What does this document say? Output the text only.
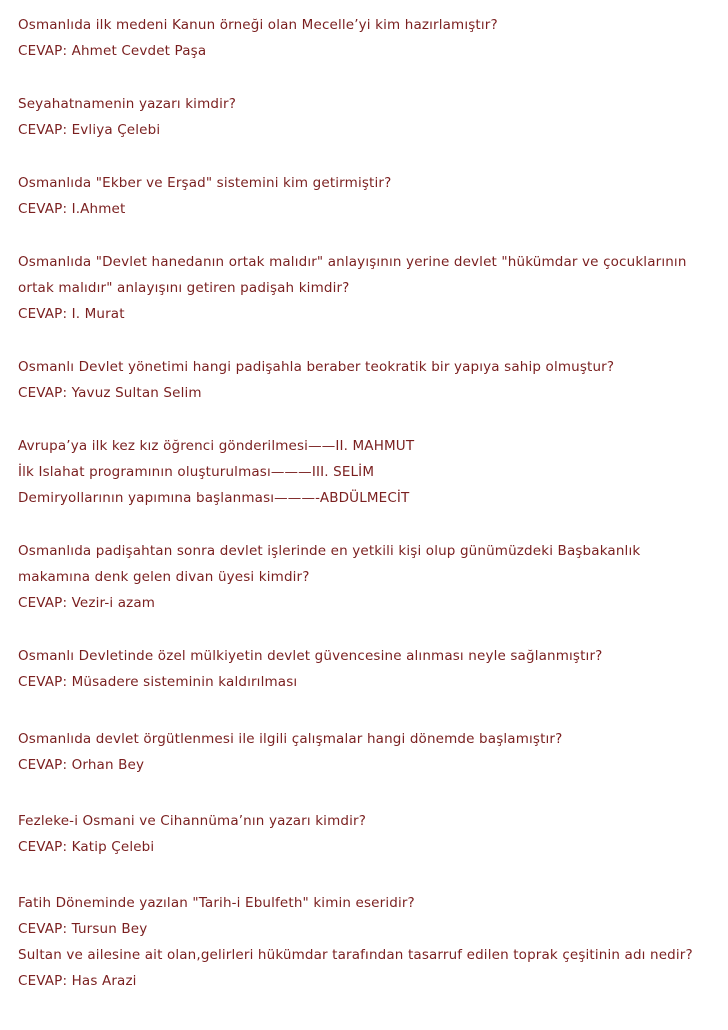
Osmanlıda ilk medeni Kanun örneği olan Mecelle’yi kim hazırlamıştır?
CEVAP: Ahmet Cevdet Paşa
Seyahatnamenin yazarı kimdir?
CEVAP: Evliya Çelebi
Osmanlıda "Ekber ve Erşad" sistemini kim getirmiştir?
CEVAP: I.Ahmet
Osmanlıda "Devlet hanedanın ortak malıdır" anlayışının yerine devlet "hükümdar ve çocuklarının
ortak malıdır" anlayışını getiren padişah kimdir?
CEVAP: I. Murat
Osmanlı Devlet yönetimi hangi padişahla beraber teokratik bir yapıya sahip olmuştur?
CEVAP: Yavuz Sultan Selim
Avrupa’ya ilk kez kız öğrenci gönderilmesi——II. MAHMUT
İlk Islahat programının oluşturulması———III. SELİM
Demiryollarının yapımına başlanması———-ABDÜLMECİT
Osmanlıda padişahtan sonra devlet işlerinde en yetkili kişi olup günümüzdeki Başbakanlık
makamına denk gelen divan üyesi kimdir?
CEVAP: Vezir-i azam
Osmanlı Devletinde özel mülkiyetin devlet güvencesine alınması neyle sağlanmıştır?
CEVAP: Müsadere sisteminin kaldırılması
Osmanlıda devlet örgütlenmesi ile ilgili çalışmalar hangi dönemde başlamıştır?
CEVAP: Orhan Bey
Fezleke-i Osmani ve Cihannüma’nın yazarı kimdir?
CEVAP: Katip Çelebi
Fatih Döneminde yazılan "Tarih-i Ebulfeth" kimin eseridir?
CEVAP: Tursun Bey
Sultan ve ailesine ait olan,gelirleri hükümdar tarafından tasarruf edilen toprak çeşitinin adı nedir?
CEVAP: Has Arazi
